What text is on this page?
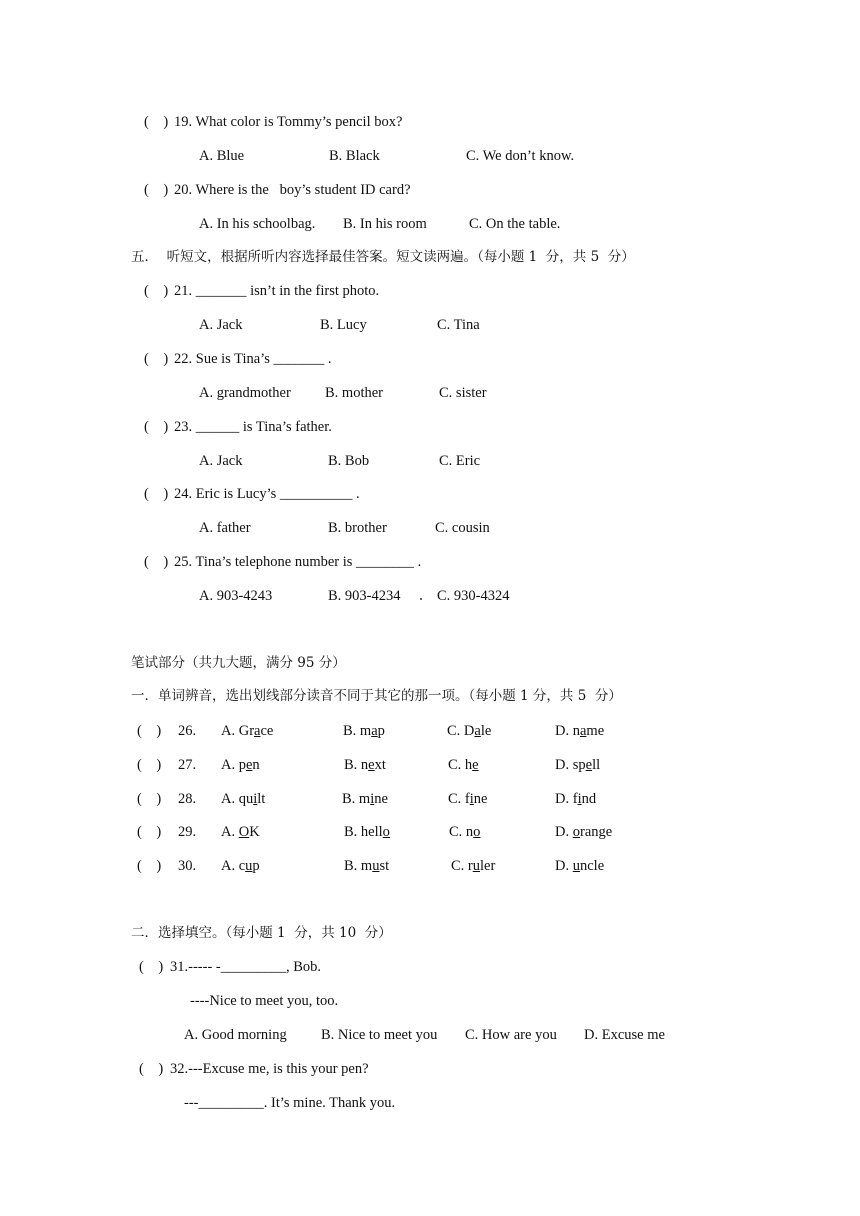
(    ) 19. What color is Tommy’s pencil box?
A. Blue	B. Black	C. We don’t know.
(    ) 20. Where is the   boy’s student ID card?
A. In his schoolbag. B. In his room	C. On the table.
五．  听短文，根据所听内容选择最佳答案。短文读两遍。（每小题 1  分，共 5  分）
(    ) 21. _______ isn’t in the first photo.
A. Jack	B. Lucy	C. Tina
(    ) 22. Sue is Tina’s _______ .
A. grandmother B. mother	C. sister
(    ) 23. ______ is Tina’s father.
A. Jack	B. Bob	C. Eric
(    ) 24. Eric is Lucy’s __________ .
A. father	B. brother	C. cousin
(    ) 25. Tina’s telephone number is ________ .
A. 903-4243	B. 903-4234	C. 930-4324
笔试部分（共九大题，满分 95 分）
一．单词辨音，选出划线部分读音不同于其它的那一项。（每小题 1 分，共 5  分）
(    ) 26. A. Grace	B. map	C. Dale	D. name
(    ) 27. A. pen	B. next	C. he	D. spell
(    ) 28. A. quilt	B. mine	C. fine	D. find
(    ) 29. A. OK	B. hello	C. no	D. orange
(    ) 30. A. cup	B. must	C. ruler	D. uncle
二．选择填空。（每小题 1  分，共 10  分）
(    ) 31.----- -_________, Bob.
----Nice to meet you, too.
A. Good morning B. Nice to meet you C. How are you D. Excuse me
(    ) 32.---Excuse me, is this your pen?
---_________. It’s mine. Thank you.
